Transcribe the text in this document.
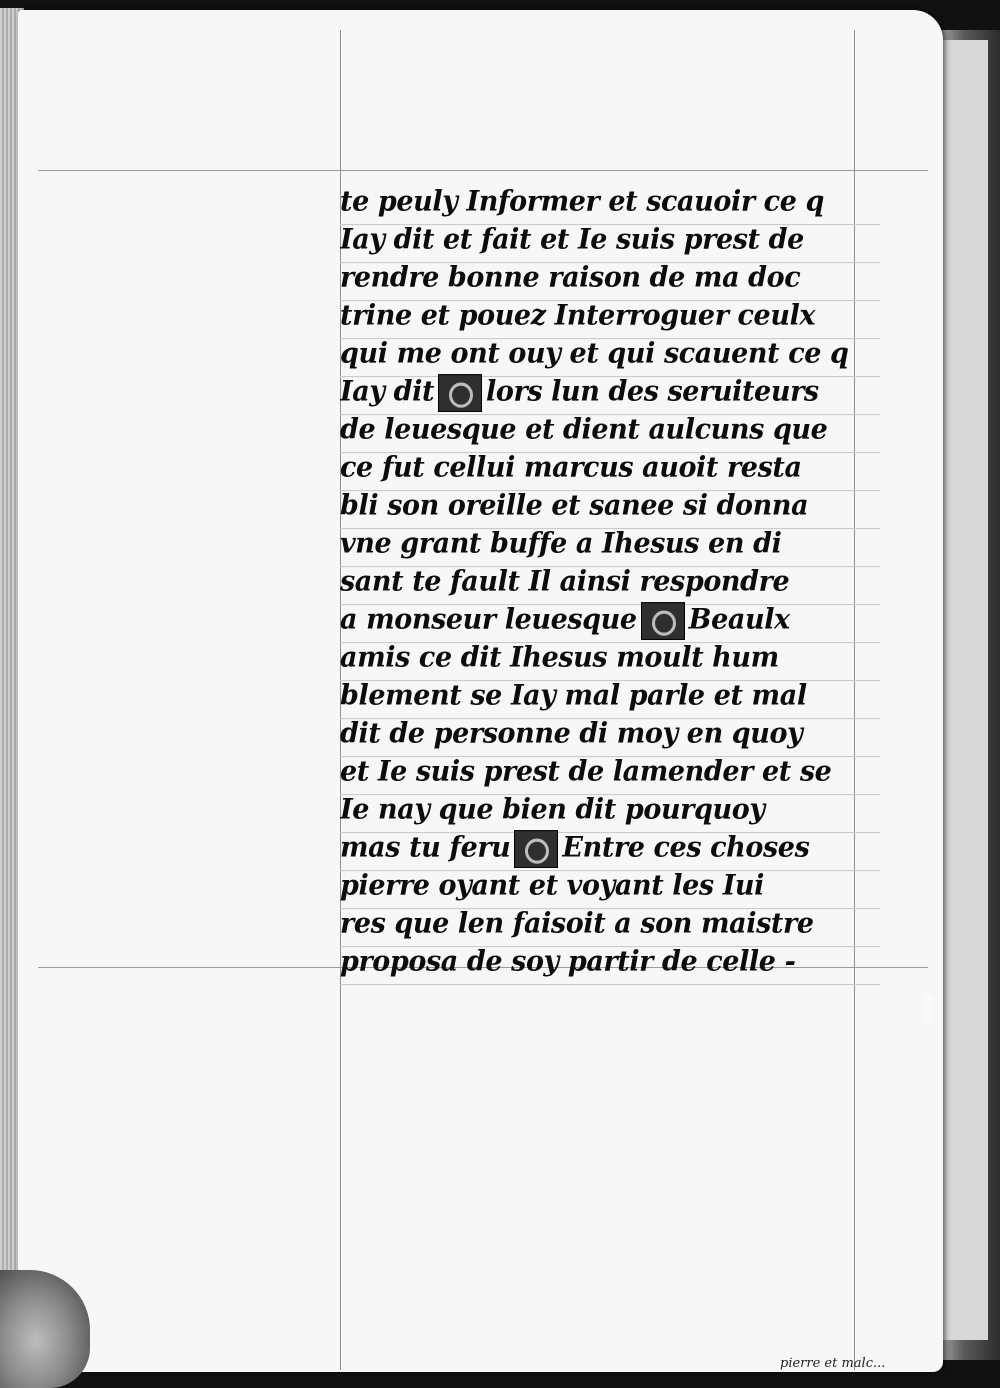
te peuly Informer et scauoir ce q
Iay dit et fait et Ie suis prest de
rendre bonne raison de ma doc
trine et pouez Interroguer ceulx
qui me ont ouy et qui scauent ce q
Iay dit lors lun des seruiteurs
de leuesque et dient aulcuns que
ce fut cellui marcus auoit resta
bli son oreille et sanee si donna
vne grant buffe a Ihesus en di
sant te fault Il ainsi respondre
a monseur leuesque Beaulx
amis ce dit Ihesus moult hum
blement se Iay mal parle et mal
dit de personne di moy en quoy
et Ie suis prest de lamender et se
Ie nay que bien dit pourquoy
mas tu feru Entre ces choses
pierre oyant et voyant les Iui
res que len faisoit a son maistre
proposa de soy partir de celle -
pierre et malc...
